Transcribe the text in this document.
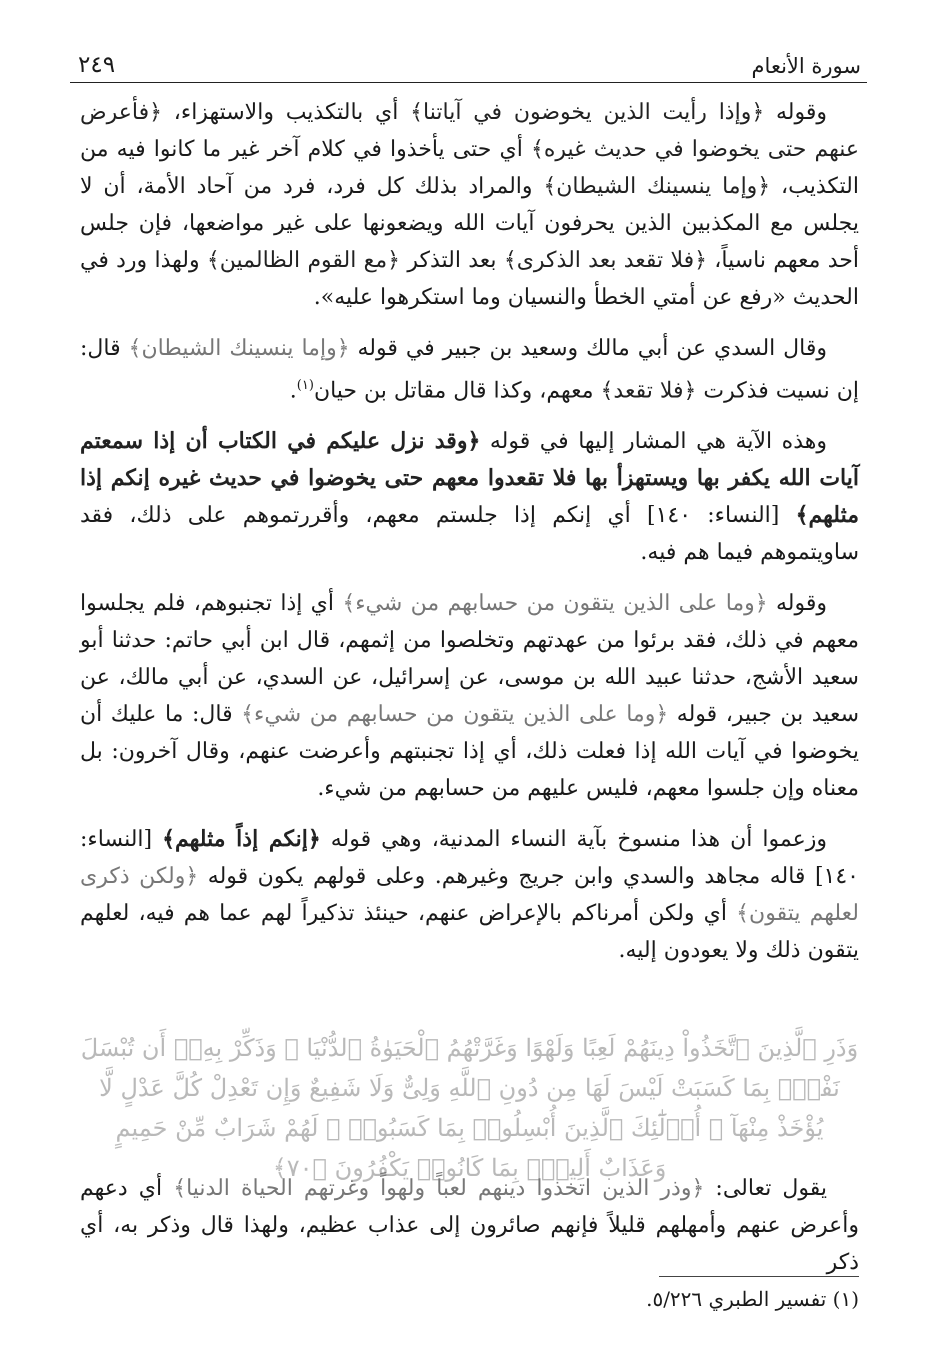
٢٤٩	سورة الأنعام

وقوله ﴿وإذا رأيت الذين يخوضون في آياتنا﴾ أي بالتكذيب والاستهزاء، ﴿فأعرض عنهم حتى يخوضوا في حديث غيره﴾ أي حتى يأخذوا في كلام آخر غير ما كانوا فيه من التكذيب، ﴿وإما ينسينك الشيطان﴾ والمراد بذلك كل فرد، فرد من آحاد الأمة، أن لا يجلس مع المكذبين الذين يحرفون آيات الله ويضعونها على غير مواضعها، فإن جلس أحد معهم ناسياً، ﴿فلا تقعد بعد الذكرى﴾ بعد التذكر ﴿مع القوم الظالمين﴾ ولهذا ورد في الحديث «رفع عن أمتي الخطأ والنسيان وما استكرهوا عليه».

وقال السدي عن أبي مالك وسعيد بن جبير في قوله ﴿وإما ينسينك الشيطان﴾ قال: إن نسيت فذكرت ﴿فلا تقعد﴾ معهم، وكذا قال مقاتل بن حيان$^{(١)}$.

وهذه الآية هي المشار إليها في قوله ﴿وقد نزل عليكم في الكتاب أن إذا سمعتم آيات الله يكفر بها ويستهزأ بها فلا تقعدوا معهم حتى يخوضوا في حديث غيره إنكم إذا مثلهم﴾ [النساء: ١٤٠] أي إنكم إذا جلستم معهم، وأقررتموهم على ذلك، فقد ساويتموهم فيما هم فيه.

وقوله ﴿وما على الذين يتقون من حسابهم من شيء﴾ أي إذا تجنبوهم، فلم يجلسوا معهم في ذلك، فقد برئوا من عهدتهم وتخلصوا من إثمهم، قال ابن أبي حاتم: حدثنا أبو سعيد الأشج، حدثنا عبيد الله بن موسى، عن إسرائيل، عن السدي، عن أبي مالك، عن سعيد بن جبير، قوله ﴿وما على الذين يتقون من حسابهم من شيء﴾ قال: ما عليك أن يخوضوا في آيات الله إذا فعلت ذلك، أي إذا تجنبتهم وأعرضت عنهم، وقال آخرون: بل معناه وإن جلسوا معهم، فليس عليهم من حسابهم من شيء.

وزعموا أن هذا منسوخ بآية النساء المدنية، وهي قوله ﴿إنكم إذاً مثلهم﴾ [النساء: ١٤٠] قاله مجاهد والسدي وابن جريج وغيرهم. وعلى قولهم يكون قوله ﴿ولكن ذكرى لعلهم يتقون﴾ أي ولكن أمرناكم بالإعراض عنهم، حينئذ تذكيراً لهم عما هم فيه، لعلهم يتقون ذلك ولا يعودون إليه.

وَذَرِ ٱلَّذِينَ ٱتَّخَذُواْ دِينَهُمْ لَعِبًا وَلَهْوًا وَغَرَّتْهُمُ ٱلْحَيَوٰةُ ٱلدُّنْيَا ۚ وَذَكِّرْ بِهِۦٓ أَن تُبْسَلَ نَفْسٌۢ بِمَا كَسَبَتْ لَيْسَ لَهَا مِن دُونِ ٱللَّهِ وَلِىٌّ وَلَا شَفِيعٌ وَإِن تَعْدِلْ كُلَّ عَدْلٍ لَّا يُؤْخَذْ مِنْهَآ ۗ أُو۟لَٰٓئِكَ ٱلَّذِينَ أُبْسِلُوا۟ بِمَا كَسَبُوا۟ ۖ لَهُمْ شَرَابٌ مِّنْ حَمِيمٍ وَعَذَابٌ أَلِيمٌۢ بِمَا كَانُوا۟ يَكْفُرُونَ ﴿٧٠﴾

يقول تعالى: ﴿وذر الذين اتخذوا دينهم لعباً ولهواً وغرتهم الحياة الدنيا﴾ أي دعهم وأعرض عنهم وأمهلهم قليلاً فإنهم صائرون إلى عذاب عظيم، ولهذا قال وذكر به، أي ذكر

(١) تفسير الطبري ٥/٢٢٦.
